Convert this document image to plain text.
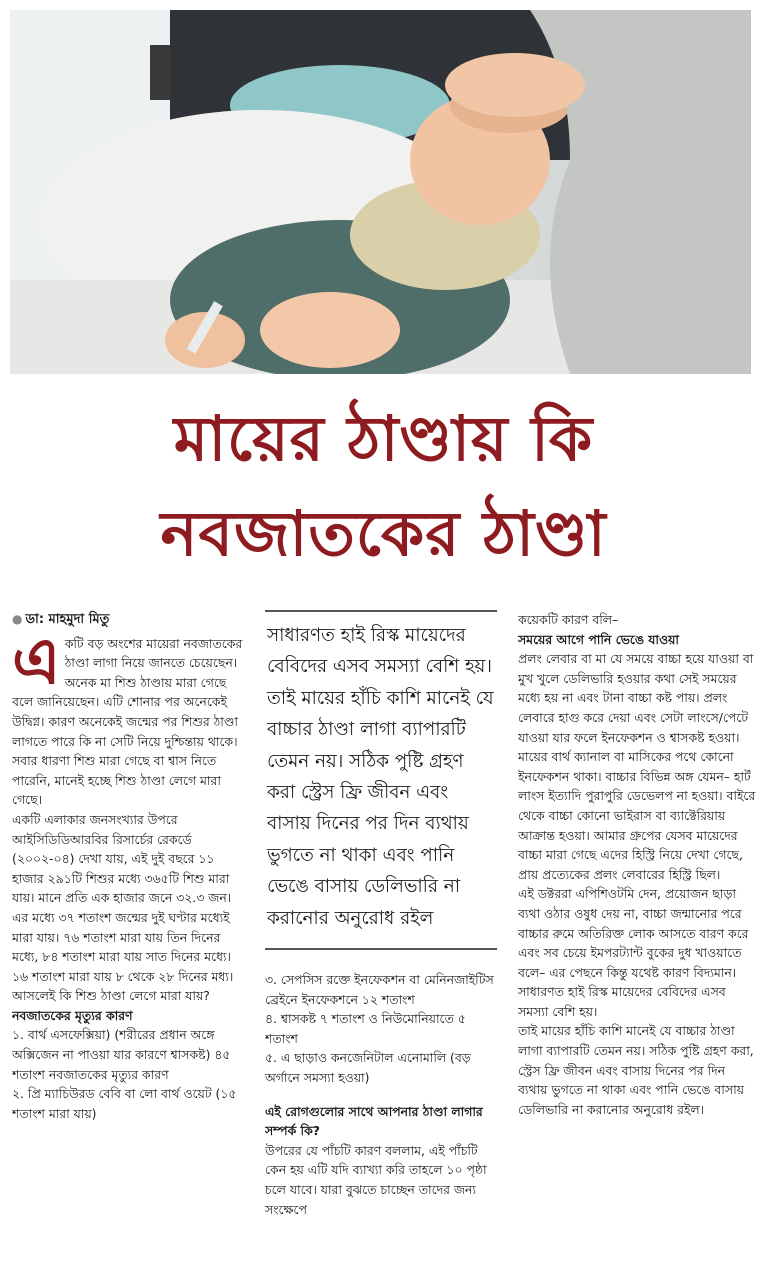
মায়ের ঠাণ্ডায় কি
নবজাতকের ঠাণ্ডা
● ডা: মাহমুদা মিতু

একটি বড় অংশের মায়েরা নবজাতকের ঠাণ্ডা লাগা নিয়ে জানতে চেয়েছেন। অনেক মা শিশু ঠাণ্ডায় মারা গেছে বলে জানিয়েছেন। এটি শোনার পর অনেকেই উদ্বিগ্ন। কারণ অনেকেই জন্মের পর শিশুর ঠাণ্ডা লাগতে পারে কি না সেটি নিয়ে দুশ্চিন্তায় থাকে। সবার ধারণা শিশু মারা গেছে বা শ্বাস নিতে পারেনি, মানেই হচ্ছে শিশু ঠাণ্ডা লেগে মারা গেছে।

একটি এলাকার জনসংখ্যার উপরে আইসিডিডিআরবির রিসার্চের রেকর্ডে (২০০২-০৪) দেখা যায়, এই দুই বছরে ১১ হাজার ২৯১টি শিশুর মধ্যে ৩৬৫টি শিশু মারা যায়। মানে প্রতি এক হাজার জনে ৩২.৩ জন।

এর মধ্যে ৩৭ শতাংশ জন্মের দুই ঘণ্টার মধ্যেই মারা যায়। ৭৬ শতাংশ মারা যায় তিন দিনের মধ্যে, ৮৪ শতাংশ মারা যায় সাত দিনের মধ্যে। ১৬ শতাংশ মারা যায় ৮ থেকে ২৮ দিনের মধ্য। আসলেই কি শিশু ঠাণ্ডা লেগে মারা যায়?

নবজাতকের মৃত্যুর কারণ

১. বার্থ এসফেক্সিয়া) (শরীরের প্রধান অঙ্গে অক্সিজেন না পাওয়া যার কারণে শ্বাসকষ্ট) ৪৫ শতাংশ নবজাতকের মৃত্যুর কারণ

২. প্রি ম্যাচিউরড বেবি বা লো বার্থ ওয়েট (১৫ শতাংশ মারা যায়)

সাধারণত হাই রিস্ক মায়েদের বেবিদের এসব সমস্যা বেশি হয়। তাই মায়ের হাঁচি কাশি মানেই যে বাচ্চার ঠাণ্ডা লাগা ব্যাপারটি তেমন নয়। সঠিক পুষ্টি গ্রহণ করা স্ট্রেস ফ্রি জীবন এবং বাসায় দিনের পর দিন ব্যথায় ভুগতে না থাকা এবং পানি ভেঙে বাসায় ডেলিভারি না করানোর অনুরোধ রইল

৩. সেপসিস রক্তে ইনফেকশন বা মেনিনজাইটিস ব্রেইনে ইনফেকশনে ১২ শতাংশ

৪. শ্বাসকষ্ট ৭ শতাংশ ও নিউমোনিয়াতে ৫ শতাংশ

৫. এ ছাড়াও কনজেনিটাল এনোমালি (বড় অর্গানে সমস্যা হওয়া)

এই রোগগুলোর সাথে আপনার ঠাণ্ডা লাগার সম্পর্ক কি?

উপরের যে পাঁচটি কারণ বললাম, এই পাঁচটি কেন হয় এটি যদি ব্যাখ্যা করি তাহলে ১০ পৃষ্ঠা চলে যাবে। যারা বুঝতে চাচ্ছেন তাদের জন্য সংক্ষেপে

কয়েকটি কারণ বলি–

সময়ের আগে পানি ভেঙে যাওয়া

প্রলং লেবার বা মা যে সময়ে বাচ্চা হয়ে যাওয়া বা মুখ খুলে ডেলিভারি হওয়ার কথা সেই সময়ের মধ্যে হয় না এবং টানা বাচ্চা কষ্ট পায়। প্রলং লেবারে হাগু করে দেয়া এবং সেটা লাংসে/পেটে যাওয়া যার ফলে ইনফেকশন ও শ্বাসকষ্ট হওয়া। মায়ের বার্থ ক্যানাল বা মাসিকের পথে কোনো ইনফেকশন থাকা। বাচ্চার বিভিন্ন অঙ্গ যেমন– হার্ট লাংস ইত্যাদি পুরাপুরি ডেভেলপ না হওয়া। বাইরে থেকে বাচ্চা কোনো ভাইরাস বা ব্যাক্টেরিয়ায় আক্রান্ত হওয়া। আমার গ্রুপের যেসব মায়েদের বাচ্চা মারা গেছে এদের হিস্ট্রি নিয়ে দেখা গেছে, প্রায় প্রত্যেকের প্রলং লেবারের হিস্ট্রি ছিল।

এই ডক্টররা এপিশিওটমি দেন, প্রয়োজন ছাড়া ব্যথা ওঠার ওষুধ দেয় না, বাচ্চা জন্মানোর পরে বাচ্চার রুমে অতিরিক্ত লোক আসতে বারণ করে এবং সব চেয়ে ইমপরট্যান্ট বুকের দুধ খাওয়াতে বলে– এর পেছনে কিন্তু যথেষ্ট কারণ বিদ্যমান।

সাধারণত হাই রিস্ক মায়েদের বেবিদের এসব সমস্যা বেশি হয়।

তাই মায়ের হাঁচি কাশি মানেই যে বাচ্চার ঠাণ্ডা লাগা ব্যাপারটি তেমন নয়। সঠিক পুষ্টি গ্রহণ করা, স্ট্রেস ফ্রি জীবন এবং বাসায় দিনের পর দিন ব্যথায় ভুগতে না থাকা এবং পানি ভেঙে বাসায় ডেলিভারি না করানোর অনুরোধ রইল।
